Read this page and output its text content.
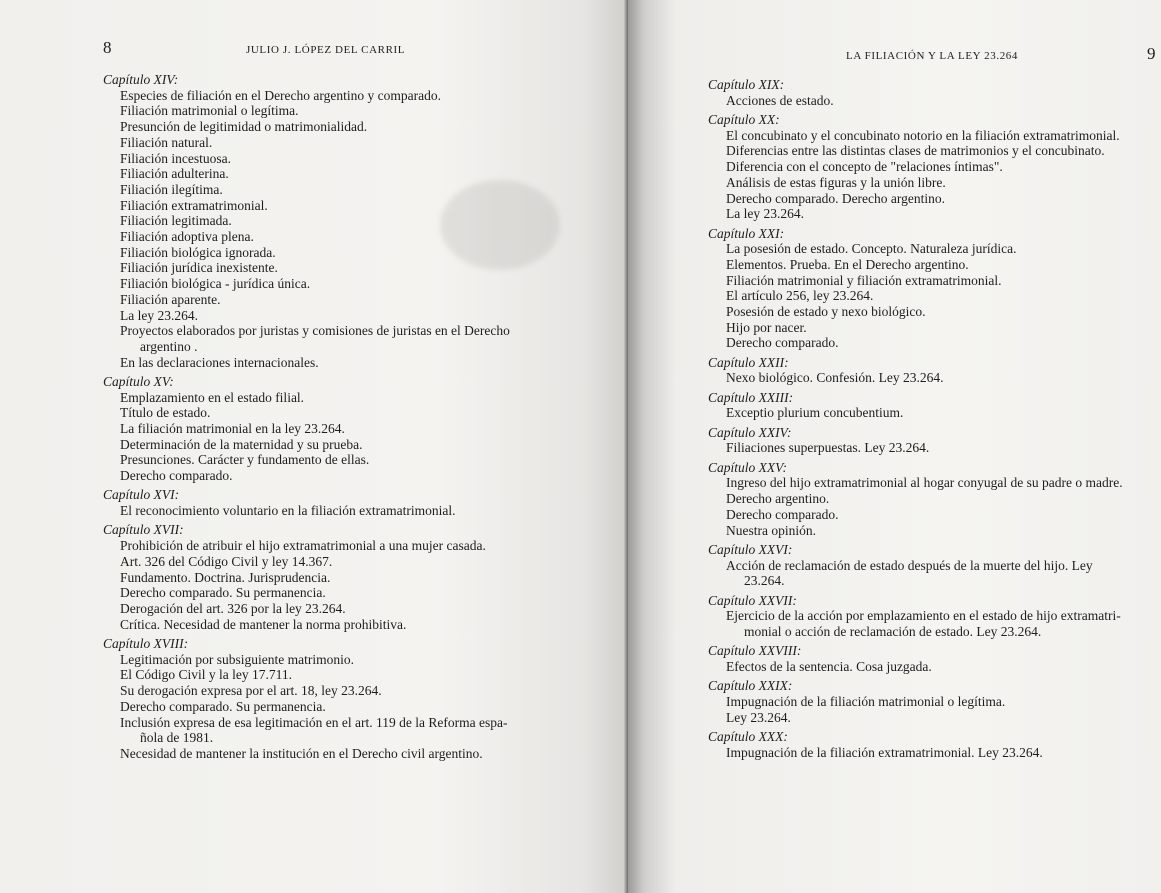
8	JULIO J. LÓPEZ DEL CARRIL
Capítulo XIV:
Especies de filiación en el Derecho argentino y comparado.
Filiación matrimonial o legítima.
Presunción de legitimidad o matrimonialidad.
Filiación natural.
Filiación incestuosa.
Filiación adulterina.
Filiación ilegítima.
Filiación extramatrimonial.
Filiación legitimada.
Filiación adoptiva plena.
Filiación biológica ignorada.
Filiación jurídica inexistente.
Filiación biológica - jurídica única.
Filiación aparente.
La ley 23.264.
Proyectos elaborados por juristas y comisiones de juristas en el Derecho
argentino .
En las declaraciones internacionales.
Capítulo XV:
Emplazamiento en el estado filial.
Título de estado.
La filiación matrimonial en la ley 23.264.
Determinación de la maternidad y su prueba.
Presunciones. Carácter y fundamento de ellas.
Derecho comparado.
Capítulo XVI:
El reconocimiento voluntario en la filiación extramatrimonial.
Capítulo XVII:
Prohibición de atribuir el hijo extramatrimonial a una mujer casada.
Art. 326 del Código Civil y ley 14.367.
Fundamento. Doctrina. Jurisprudencia.
Derecho comparado. Su permanencia.
Derogación del art. 326 por la ley 23.264.
Crítica. Necesidad de mantener la norma prohibitiva.
Capítulo XVIII:
Legitimación por subsiguiente matrimonio.
El Código Civil y la ley 17.711.
Su derogación expresa por el art. 18, ley 23.264.
Derecho comparado. Su permanencia.
Inclusión expresa de esa legitimación en el art. 119 de la Reforma espa-
ñola de 1981.
Necesidad de mantener la institución en el Derecho civil argentino.
LA FILIACIÓN Y LA LEY 23.264	9
Capítulo XIX:
Acciones de estado.
Capítulo XX:
El concubinato y el concubinato notorio en la filiación extramatrimonial.
Diferencias entre las distintas clases de matrimonios y el concubinato.
Diferencia con el concepto de "relaciones íntimas".
Análisis de estas figuras y la unión libre.
Derecho comparado. Derecho argentino.
La ley 23.264.
Capítulo XXI:
La posesión de estado. Concepto. Naturaleza jurídica.
Elementos. Prueba. En el Derecho argentino.
Filiación matrimonial y filiación extramatrimonial.
El artículo 256, ley 23.264.
Posesión de estado y nexo biológico.
Hijo por nacer.
Derecho comparado.
Capítulo XXII:
Nexo biológico. Confesión. Ley 23.264.
Capítulo XXIII:
Exceptio plurium concubentium.
Capítulo XXIV:
Filiaciones superpuestas. Ley 23.264.
Capítulo XXV:
Ingreso del hijo extramatrimonial al hogar conyugal de su padre o madre.
Derecho argentino.
Derecho comparado.
Nuestra opinión.
Capítulo XXVI:
Acción de reclamación de estado después de la muerte del hijo. Ley
23.264.
Capítulo XXVII:
Ejercicio de la acción por emplazamiento en el estado de hijo extramatri-
monial o acción de reclamación de estado. Ley 23.264.
Capítulo XXVIII:
Efectos de la sentencia. Cosa juzgada.
Capítulo XXIX:
Impugnación de la filiación matrimonial o legítima.
Ley 23.264.
Capítulo XXX:
Impugnación de la filiación extramatrimonial. Ley 23.264.
